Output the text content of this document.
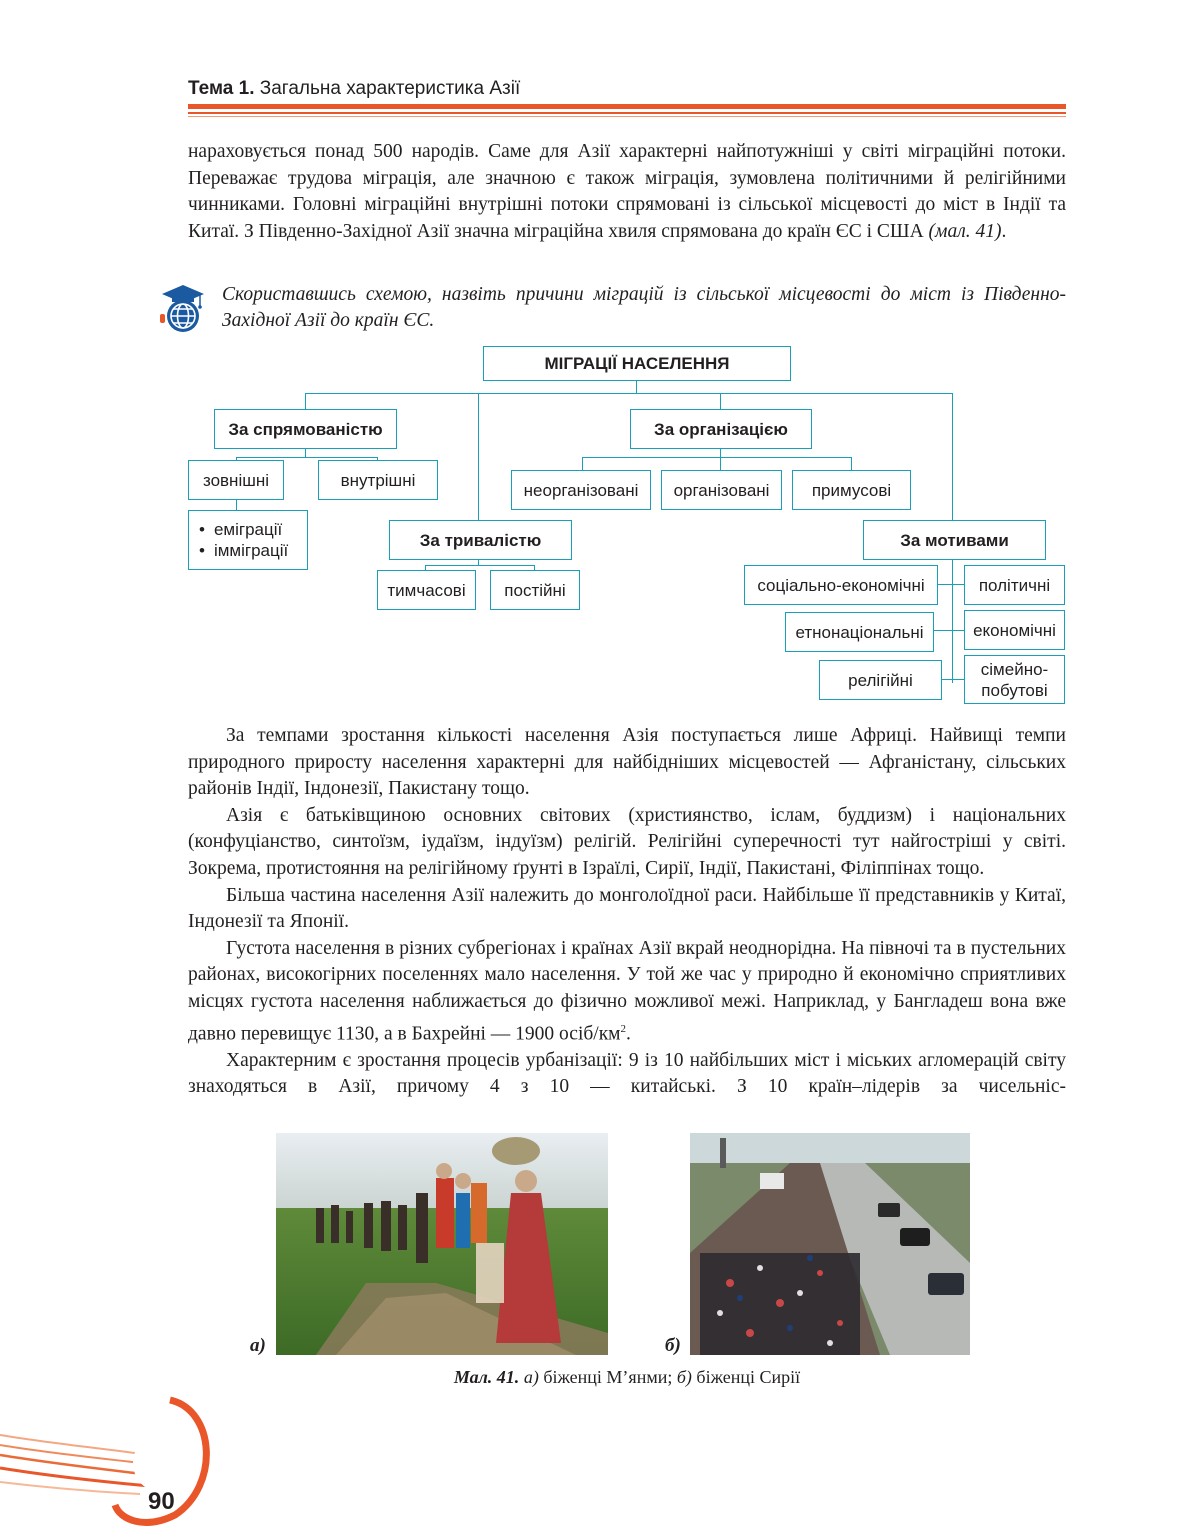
Тема 1. Загальна характеристика Азії

нараховується понад 500 народів. Саме для Азії характерні найпотужніші у світі міграційні потоки. Переважає трудова міграція, але значною є також міграція, зумовлена політичними й релігійними чинниками. Головні міграційні внутрішні потоки спрямовані із сільської місцевості до міст в Індії та Китаї. З Південно-Західної Азії значна міграційна хвиля спрямована до країн ЄС і США (мал. 41).

Скориставшись схемою, назвіть причини міграцій із сільської місцевості до міст із Південно-Західної Азії до країн ЄС.
МІГРАЦІЇ НАСЕЛЕННЯ
За спрямованістю
зовнішні	внутрішні
• еміграції
• імміграції
За організацією
неорганізовані	організовані	примусові
За тривалістю
тимчасові	постійні
За мотивами
соціально-економічні
етнонаціональні
релігійні
політичні
економічні
сімейно-побутові

За темпами зростання кількості населення Азія поступається лише Африці. Найвищі темпи природного приросту населення характерні для найбідніших місцевостей — Афганістану, сільських районів Індії, Індонезії, Пакистану тощо.

Азія є батьківщиною основних світових (християнство, іслам, буддизм) і національних (конфуціанство, синтоїзм, іудаїзм, індуїзм) релігій. Релігійні суперечності тут найгостріші у світі. Зокрема, протистояння на релігійному ґрунті в Ізраїлі, Сирії, Індії, Пакистані, Філіппінах тощо.

Більша частина населення Азії належить до монголоїдної раси. Найбільше її представників у Китаї, Індонезії та Японії.

Густота населення в різних субрегіонах і країнах Азії вкрай неоднорідна. На півночі та в пустельних районах, високогірних поселеннях мало населення. У той же час у природно й економічно сприятливих місцях густота населення наближається до фізично можливої межі. Наприклад, у Бангладеш вона вже давно перевищує 1130, а в Бахрейні — 1900 осіб/$км^2$.

Характерним є зростання процесів урбанізації: 9 із 10 найбільших міст і міських агломерацій світу знаходяться в Азії, причому 4 з 10 — китайські. З 10 країн–лідерів за чисельніс-

а)	б)
Мал. 41. а) біженці М’янми; б) біженці Сирії
90
